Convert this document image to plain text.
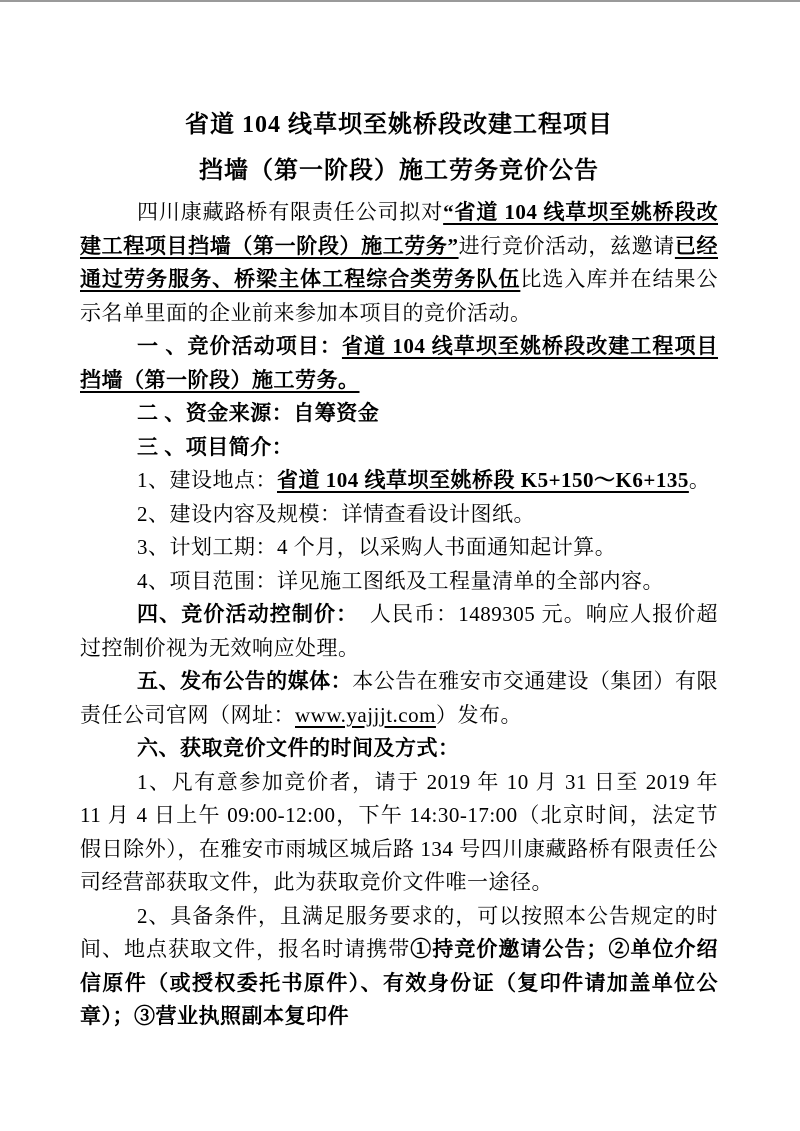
省道 104 线草坝至姚桥段改建工程项目
挡墙（第一阶段）施工劳务竞价公告

四川康藏路桥有限责任公司拟对“省道 104 线草坝至姚桥段改建工程项目挡墙（第一阶段）施工劳务”进行竞价活动，兹邀请已经通过劳务服务、桥梁主体工程综合类劳务队伍比选入库并在结果公示名单里面的企业前来参加本项目的竞价活动。

一 、竞价活动项目：省道 104 线草坝至姚桥段改建工程项目挡墙（第一阶段）施工劳务。

二 、资金来源：自筹资金

三 、项目简介：

1、建设地点：省道 104 线草坝至姚桥段 K5+150～K6+135。

2、建设内容及规模：详情查看设计图纸。

3、计划工期：4 个月，以采购人书面通知起计算。

4、项目范围：详见施工图纸及工程量清单的全部内容。

四、竞价活动控制价：　人民币：1489305 元。响应人报价超过控制价视为无效响应处理。

五、发布公告的媒体：本公告在雅安市交通建设（集团）有限责任公司官网（网址：www.yajjjt.com）发布。

六、获取竞价文件的时间及方式：

1、凡有意参加竞价者，请于 2019 年 10 月 31 日至 2019 年 11 月 4 日上午 09:00-12:00，下午 14:30-17:00（北京时间，法定节假日除外），在雅安市雨城区城后路 134 号四川康藏路桥有限责任公司经营部获取文件，此为获取竞价文件唯一途径。

2、具备条件，且满足服务要求的，可以按照本公告规定的时间、地点获取文件，报名时请携带①持竞价邀请公告；②单位介绍信原件（或授权委托书原件）、有效身份证（复印件请加盖单位公章）；③营业执照副本复印件
